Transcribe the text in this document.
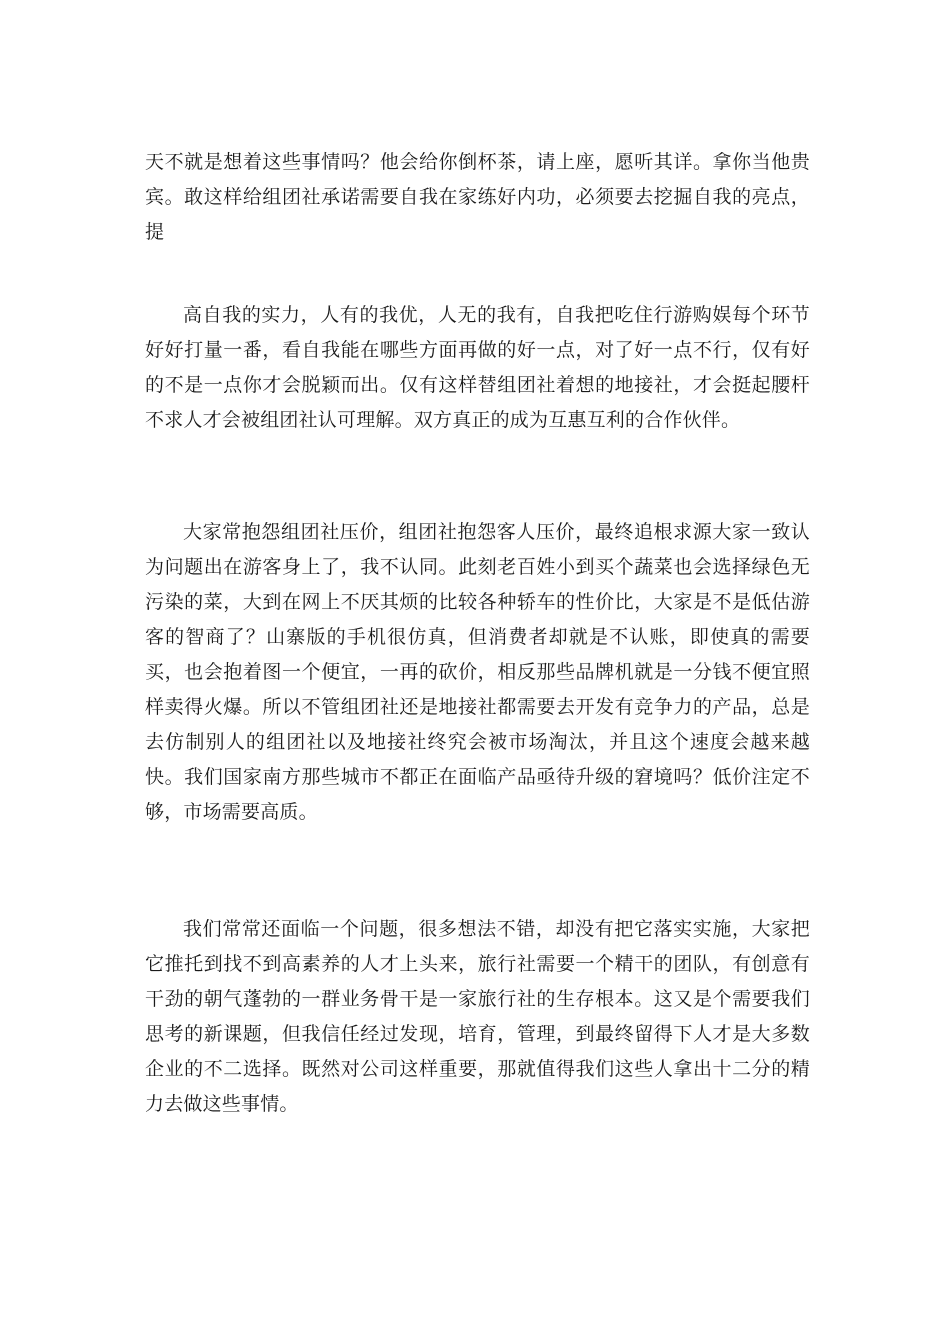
天不就是想着这些事情吗？他会给你倒杯茶，请上座，愿听其详。拿你当他贵宾。敢这样给组团社承诺需要自我在家练好内功，必须要去挖掘自我的亮点，提

高自我的实力，人有的我优，人无的我有，自我把吃住行游购娱每个环节好好打量一番，看自我能在哪些方面再做的好一点，对了好一点不行，仅有好的不是一点你才会脱颖而出。仅有这样替组团社着想的地接社，才会挺起腰杆不求人才会被组团社认可理解。双方真正的成为互惠互利的合作伙伴。

大家常抱怨组团社压价，组团社抱怨客人压价，最终追根求源大家一致认为问题出在游客身上了，我不认同。此刻老百姓小到买个蔬菜也会选择绿色无污染的菜，大到在网上不厌其烦的比较各种轿车的性价比，大家是不是低估游客的智商了？山寨版的手机很仿真，但消费者却就是不认账，即使真的需要买，也会抱着图一个便宜，一再的砍价，相反那些品牌机就是一分钱不便宜照样卖得火爆。所以不管组团社还是地接社都需要去开发有竞争力的产品，总是去仿制别人的组团社以及地接社终究会被市场淘汰，并且这个速度会越来越快。我们国家南方那些城市不都正在面临产品亟待升级的窘境吗？低价注定不够，市场需要高质。

我们常常还面临一个问题，很多想法不错，却没有把它落实实施，大家把它推托到找不到高素养的人才上头来，旅行社需要一个精干的团队，有创意有干劲的朝气蓬勃的一群业务骨干是一家旅行社的生存根本。这又是个需要我们思考的新课题，但我信任经过发现，培育，管理，到最终留得下人才是大多数企业的不二选择。既然对公司这样重要，那就值得我们这些人拿出十二分的精力去做这些事情。
